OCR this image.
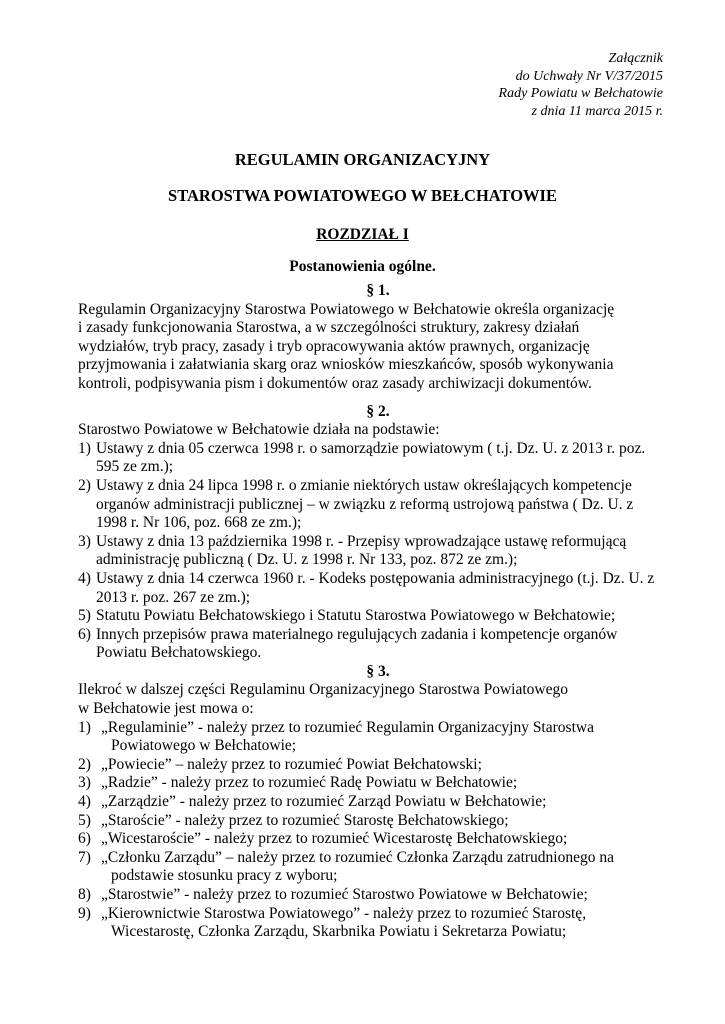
Załącznik
do Uchwały Nr V/37/2015
Rady Powiatu w Bełchatowie
z dnia 11 marca 2015 r.
REGULAMIN ORGANIZACYJNY
STAROSTWA POWIATOWEGO W BEŁCHATOWIE
ROZDZIAŁ I
Postanowienia ogólne.
§ 1.
Regulamin Organizacyjny Starostwa Powiatowego w Bełchatowie określa organizację
i zasady funkcjonowania Starostwa, a w szczególności struktury, zakresy działań
wydziałów, tryb pracy, zasady i tryb opracowywania aktów prawnych, organizację
przyjmowania i załatwiania skarg oraz wniosków mieszkańców, sposób wykonywania
kontroli, podpisywania pism i dokumentów oraz zasady archiwizacji dokumentów.
§ 2.
Starostwo Powiatowe w Bełchatowie działa na podstawie:
1) Ustawy z dnia 05 czerwca 1998 r. o samorządzie powiatowym ( t.j. Dz. U. z 2013 r. poz.
595 ze zm.);
2) Ustawy z dnia 24 lipca 1998 r. o zmianie niektórych ustaw określających kompetencje
organów administracji publicznej – w związku z reformą ustrojową państwa ( Dz. U. z
1998 r. Nr 106, poz. 668 ze zm.);
3) Ustawy z dnia 13 października 1998 r. - Przepisy wprowadzające ustawę reformującą
administrację publiczną ( Dz. U. z 1998 r. Nr 133, poz. 872 ze zm.);
4) Ustawy z dnia 14 czerwca 1960 r. - Kodeks postępowania administracyjnego (t.j. Dz. U. z
2013 r. poz. 267 ze zm.);
5) Statutu Powiatu Bełchatowskiego i Statutu Starostwa Powiatowego w Bełchatowie;
6) Innych przepisów prawa materialnego regulujących zadania i kompetencje organów
Powiatu Bełchatowskiego.
§ 3.
Ilekroć w dalszej części Regulaminu Organizacyjnego Starostwa Powiatowego
w Bełchatowie jest mowa o:
1) „Regulaminie” - należy przez to rozumieć Regulamin Organizacyjny Starostwa
Powiatowego w Bełchatowie;
2) „Powiecie” – należy przez to rozumieć Powiat Bełchatowski;
3) „Radzie” - należy przez to rozumieć Radę Powiatu w Bełchatowie;
4) „Zarządzie” - należy przez to rozumieć Zarząd Powiatu w Bełchatowie;
5) „Staroście” - należy przez to rozumieć Starostę Bełchatowskiego;
6) „Wicestaroście” - należy przez to rozumieć Wicestarostę Bełchatowskiego;
7) „Członku Zarządu” – należy przez to rozumieć Członka Zarządu zatrudnionego na
podstawie stosunku pracy z wyboru;
8) „Starostwie” - należy przez to rozumieć Starostwo Powiatowe w Bełchatowie;
9) „Kierownictwie Starostwa Powiatowego” - należy przez to rozumieć Starostę,
Wicestarostę, Członka Zarządu, Skarbnika Powiatu i Sekretarza Powiatu;
